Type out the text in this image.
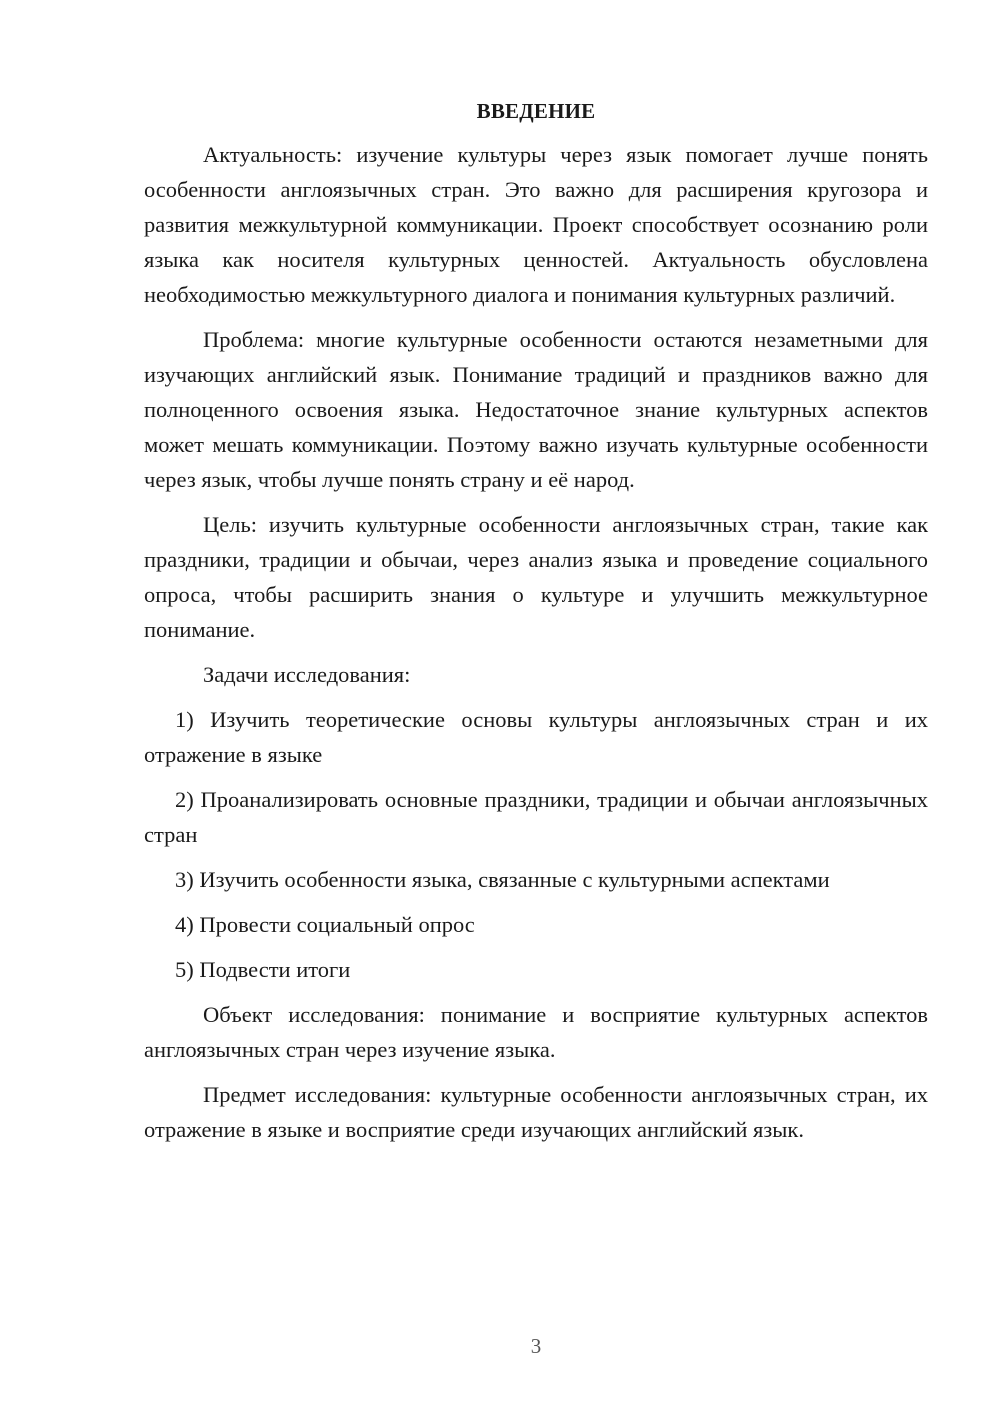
ВВЕДЕНИЕ

Актуальность: изучение культуры через язык помогает лучше понять особенности англоязычных стран. Это важно для расширения кругозора и развития межкультурной коммуникации. Проект способствует осознанию роли языка как носителя культурных ценностей. Актуальность обусловлена необходимостью межкультурного диалога и понимания культурных различий.

Проблема: многие культурные особенности остаются незаметными для изучающих английский язык. Понимание традиций и праздников важно для полноценного освоения языка. Недостаточное знание культурных аспектов может мешать коммуникации. Поэтому важно изучать культурные особенности через язык, чтобы лучше понять страну и её народ.

Цель: изучить культурные особенности англоязычных стран, такие как праздники, традиции и обычаи, через анализ языка и проведение социального опроса, чтобы расширить знания о культуре и улучшить межкультурное понимание.

Задачи исследования:

1) Изучить теоретические основы культуры англоязычных стран и их отражение в языке

2) Проанализировать основные праздники, традиции и обычаи англоязычных стран

3) Изучить особенности языка, связанные с культурными аспектами

4) Провести социальный опрос

5) Подвести итоги

Объект исследования: понимание и восприятие культурных аспектов англоязычных стран через изучение языка.

Предмет исследования: культурные особенности англоязычных стран, их отражение в языке и восприятие среди изучающих английский язык.

3
